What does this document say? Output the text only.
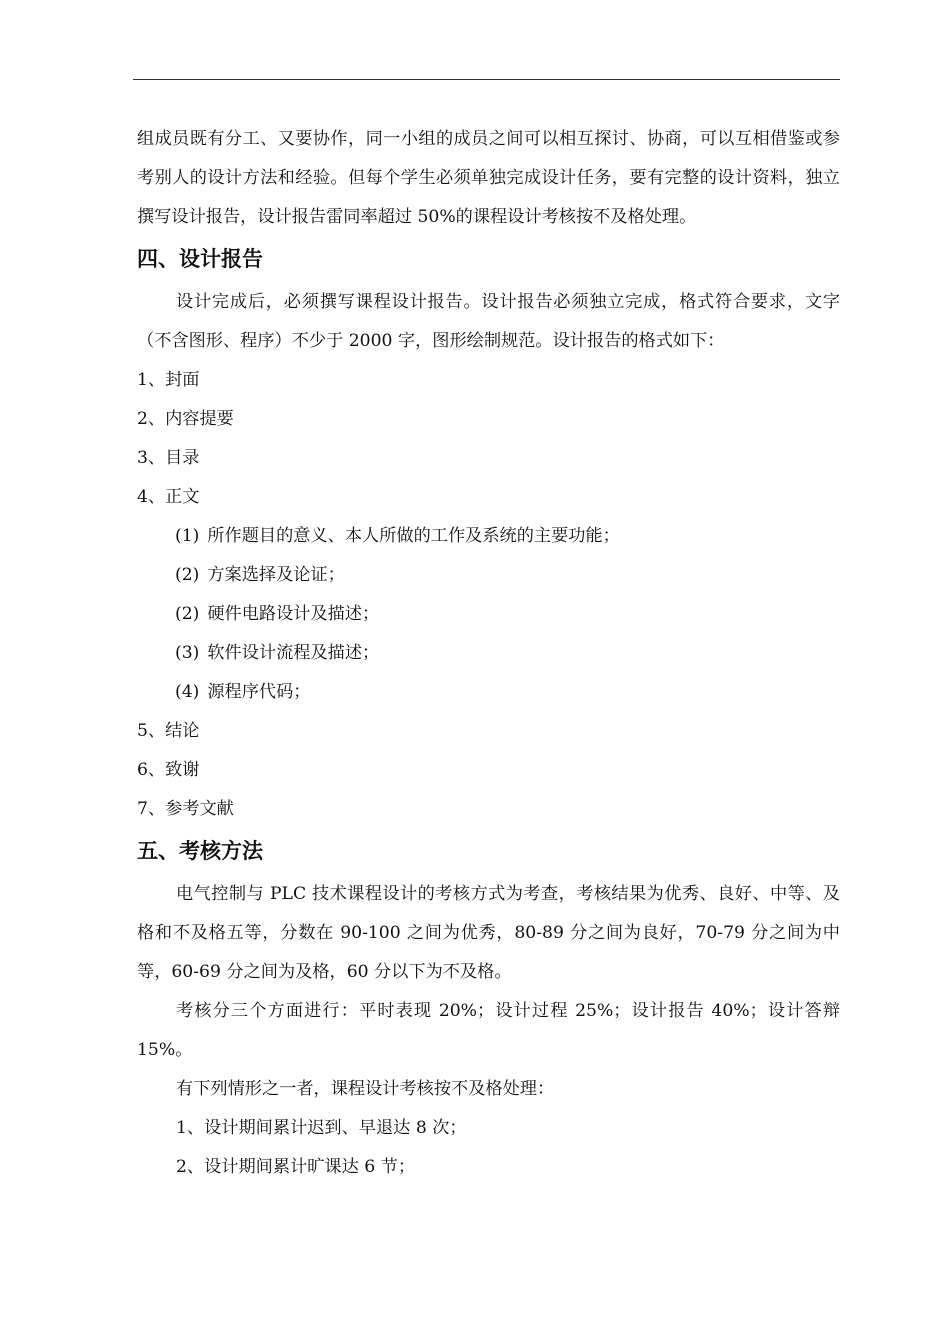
组成员既有分工、又要协作，同一小组的成员之间可以相互探讨、协商，可以互相借鉴或参考别人的设计方法和经验。但每个学生必须单独完成设计任务，要有完整的设计资料，独立撰写设计报告，设计报告雷同率超过 50%的课程设计考核按不及格处理。

四、设计报告

设计完成后，必须撰写课程设计报告。设计报告必须独立完成，格式符合要求，文字（不含图形、程序）不少于 2000 字，图形绘制规范。设计报告的格式如下：

1、封面

2、内容提要

3、目录

4、正文

(1) 所作题目的意义、本人所做的工作及系统的主要功能；

(2) 方案选择及论证；

(2) 硬件电路设计及描述；

(3) 软件设计流程及描述；

(4) 源程序代码；

5、结论

6、致谢

7、参考文献

五、考核方法

电气控制与 PLC 技术课程设计的考核方式为考查，考核结果为优秀、良好、中等、及格和不及格五等，分数在 90-100 之间为优秀，80-89 分之间为良好，70-79 分之间为中等，60-69 分之间为及格，60 分以下为不及格。

考核分三个方面进行：平时表现 20%；设计过程 25%；设计报告 40%；设计答辩 15%。

有下列情形之一者，课程设计考核按不及格处理：

1、设计期间累计迟到、早退达 8 次；

2、设计期间累计旷课达 6 节；
